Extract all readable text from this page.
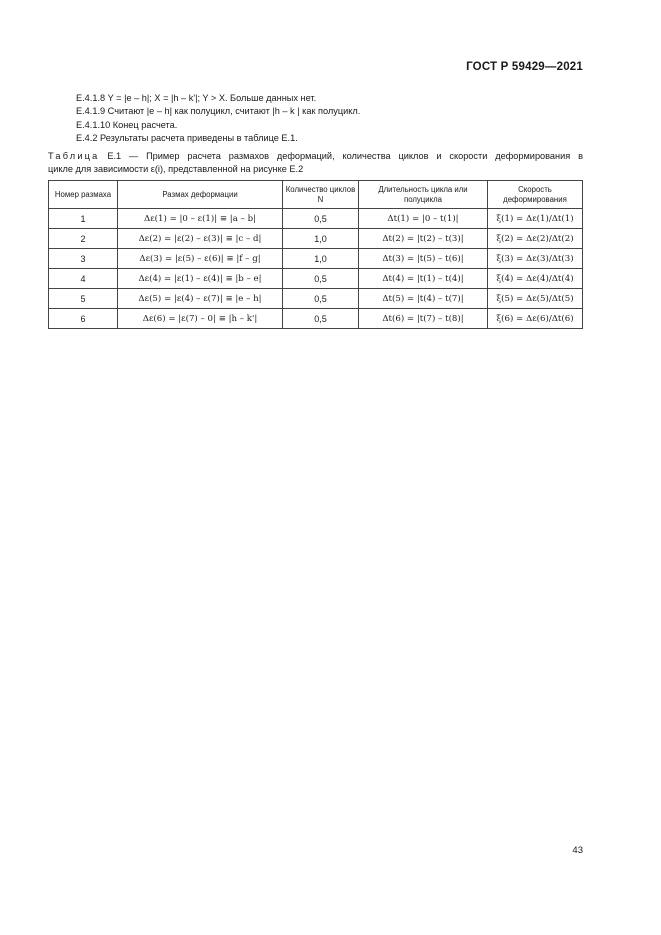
ГОСТ Р 59429—2021
Е.4.1.8 Y = |e – h|; X = |h – k'|; Y > X. Больше данных нет.
Е.4.1.9 Считают |e – h| как полуцикл, считают |h – k | как полуцикл.
Е.4.1.10 Конец расчета.
Е.4.2 Результаты расчета приведены в таблице Е.1.
Таблица Е.1 — Пример расчета размахов деформаций, количества циклов и скорости деформирования в
цикле для зависимости ε(i), представленной на рисунке Е.2
Номер размаха	Размах деформации	Количество циклов N	Длительность цикла или полуцикла	Скорость деформирования
1	Δε(1) = |0 – ε(1)| ≡ |a – b|	0,5	Δt(1) = |0 – t(1)|	ξ(1) = Δε(1)/Δt(1)
2	Δε(2) = |ε(2) – ε(3)| ≡ |c – d|	1,0	Δt(2) = |t(2) – t(3)|	ξ(2) = Δε(2)/Δt(2)
3	Δε(3) = |ε(5) – ε(6)| ≡ |f – g|	1,0	Δt(3) = |t(5) – t(6)|	ξ(3) = Δε(3)/Δt(3)
4	Δε(4) = |ε(1) – ε(4)| ≡ |b – e|	0,5	Δt(4) = |t(1) – t(4)|	ξ(4) = Δε(4)/Δt(4)
5	Δε(5) = |ε(4) – ε(7)| ≡ |e – h|	0,5	Δt(5) = |t(4) – t(7)|	ξ(5) = Δε(5)/Δt(5)
6	Δε(6) = |ε(7) – 0| ≡ |h – k'|	0,5	Δt(6) = |t(7) – t(8)|	ξ(6) = Δε(6)/Δt(6)
43
